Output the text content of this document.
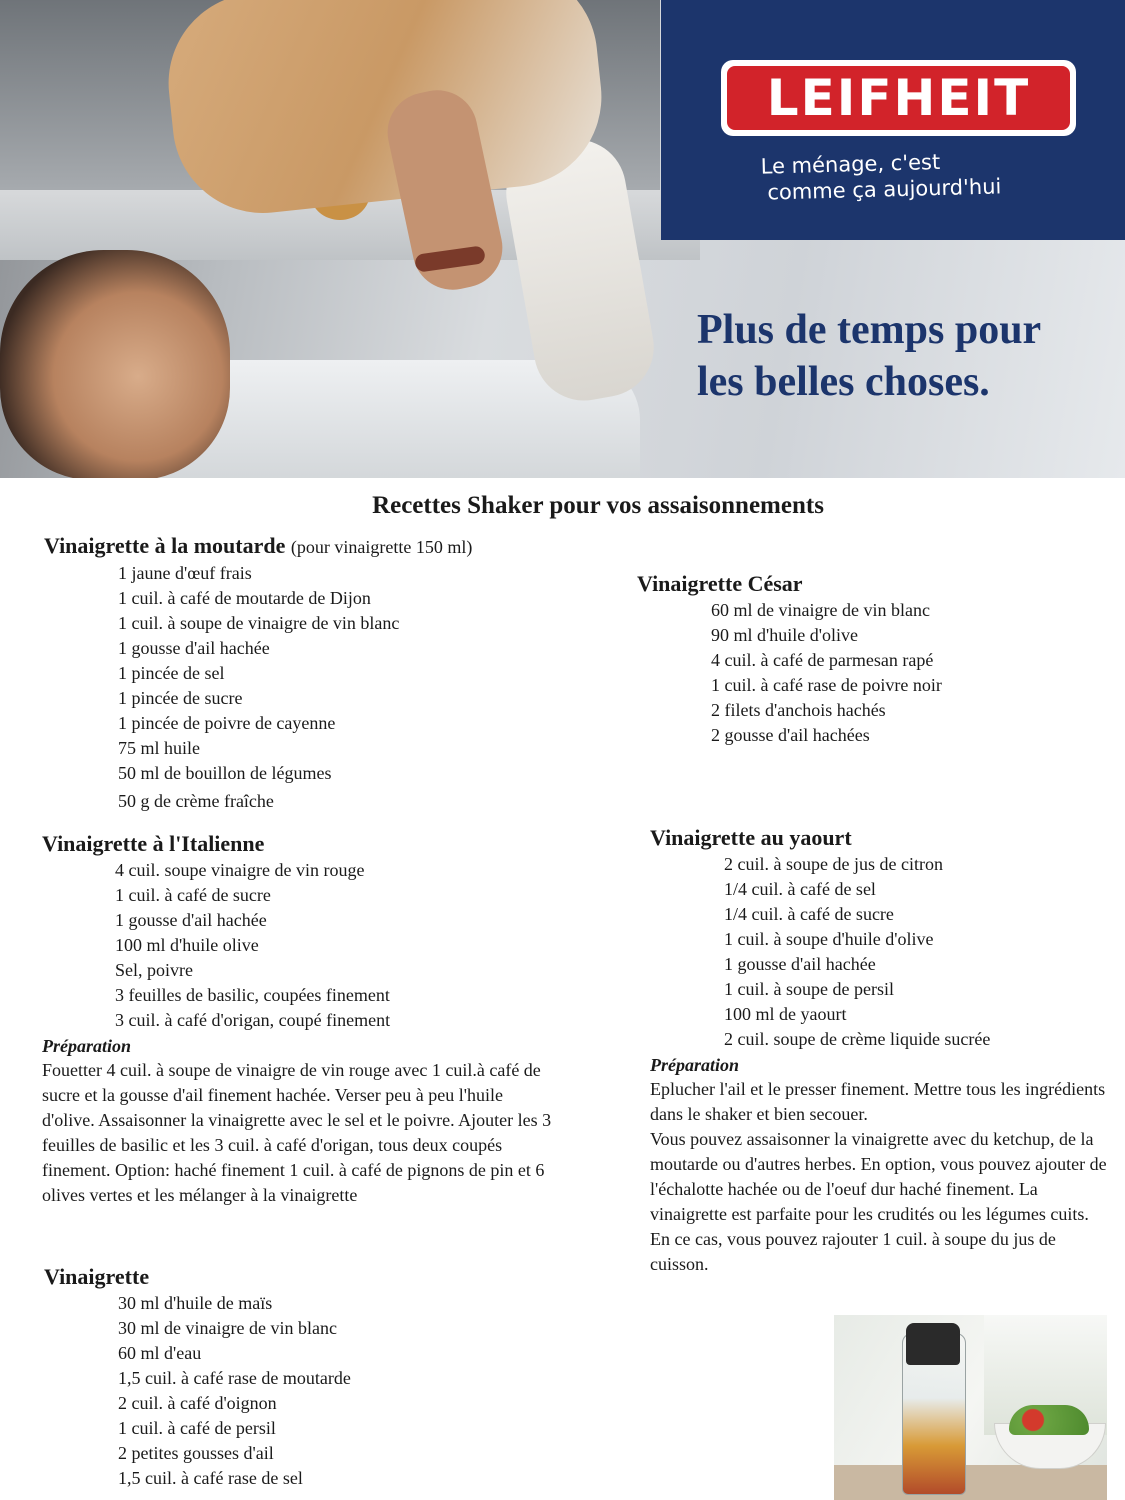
LEIFHEIT
Le ménage, c'est
comme ça aujourd'hui
Plus de temps pour
les belles choses.
Recettes Shaker pour vos assaisonnements
Vinaigrette à la moutarde (pour vinaigrette 150 ml)
1 jaune d'œuf frais
1 cuil. à café de moutarde de Dijon
1 cuil. à soupe de vinaigre de vin blanc
1 gousse d'ail hachée
1 pincée de sel
1 pincée de sucre
1 pincée de poivre de cayenne
75 ml huile
50 ml de bouillon de légumes
50 g de crème fraîche
Vinaigrette à l'Italienne
4 cuil. soupe vinaigre de vin rouge
1 cuil. à café de sucre
1 gousse d'ail hachée
100 ml d'huile olive
Sel, poivre
3 feuilles de basilic, coupées finement
3 cuil. à café d'origan, coupé finement
Préparation
Fouetter 4 cuil. à soupe de vinaigre de vin rouge avec 1 cuil.à café de sucre et la gousse d'ail finement hachée. Verser peu à peu l'huile d'olive. Assaisonner la vinaigrette avec le sel et le poivre. Ajouter les 3 feuilles de basilic et les 3 cuil. à café d'origan, tous deux coupés finement. Option: haché finement 1 cuil. à café de pignons de pin et 6 olives vertes et les mélanger à la vinaigrette
Vinaigrette
30 ml d'huile de maïs
30 ml de vinaigre de vin blanc
60 ml d'eau
1,5 cuil. à café rase de moutarde
2 cuil. à café d'oignon
1 cuil. à café de persil
2 petites gousses d'ail
1,5 cuil. à café rase de sel
Vinaigrette César
60 ml de vinaigre de vin blanc
90 ml d'huile d'olive
4 cuil. à café de parmesan rapé
1 cuil. à café rase de poivre noir
2 filets d'anchois hachés
2 gousse d'ail hachées
Vinaigrette au yaourt
2 cuil. à soupe de jus de citron
1/4 cuil. à café de sel
1/4 cuil. à café de sucre
1 cuil. à soupe d'huile d'olive
1 gousse d'ail hachée
1 cuil. à soupe de persil
100 ml de yaourt
2 cuil. soupe de crème liquide sucrée
Préparation
Eplucher l'ail et le presser finement. Mettre tous les ingrédients dans le shaker et bien secouer.
Vous pouvez assaisonner la vinaigrette avec du ketchup, de la moutarde ou d'autres herbes. En option, vous pouvez ajouter de l'échalotte hachée ou de l'oeuf dur haché finement. La vinaigrette est parfaite pour les crudités ou les légumes cuits. En ce cas, vous pouvez rajouter 1 cuil. à soupe du jus de cuisson.
